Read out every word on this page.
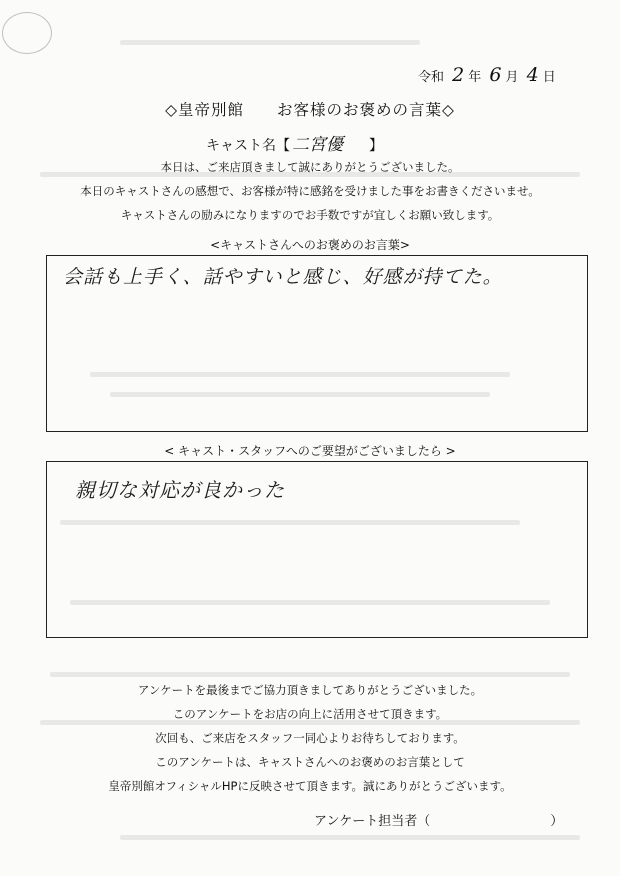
令和 2 年 6 月 4 日
◇皇帝別館　　お客様のお褒めの言葉◇
キャスト名【 二宮優 】
本日は、ご来店頂きまして誠にありがとうございました。
本日のキャストさんの感想で、お客様が特に感銘を受けました事をお書きくださいませ。
キャストさんの励みになりますのでお手数ですが宜しくお願い致します。
<キャストさんへのお褒めのお言葉>
会話も上手く、話やすいと感じ、好感が持てた。
< キャスト・スタッフへのご要望がございましたら >
親切な対応が良かった
アンケートを最後までご協力頂きましてありがとうございました。
このアンケートをお店の向上に活用させて頂きます。
次回も、ご来店をスタッフ一同心よりお待ちしております。
このアンケートは、キャストさんへのお褒めのお言葉として
皇帝別館オフィシャルHPに反映させて頂きます。誠にありがとうございます。
アンケート担当者（	）
